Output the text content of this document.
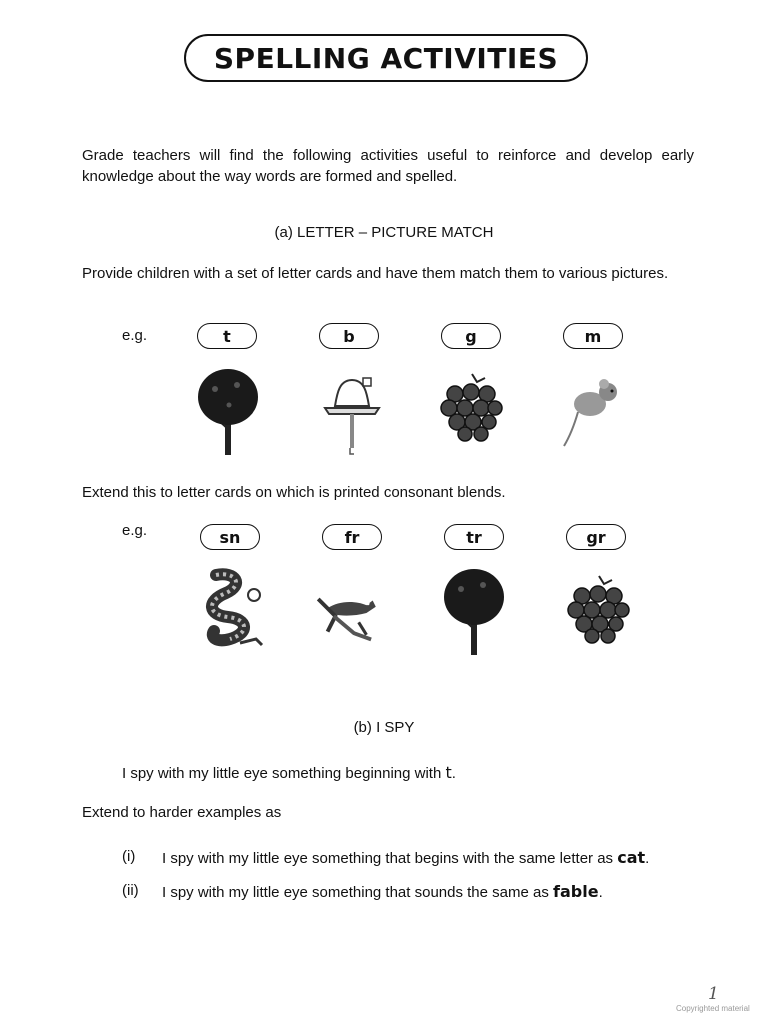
SPELLING ACTIVITIES
Grade teachers will find the following activities useful to reinforce and develop early knowledge about the way words are formed and spelled.
(a) LETTER – PICTURE MATCH
Provide children with a set of letter cards and have them match them to various pictures.
e.g.	t	b	g	m
Extend this to letter cards on which is printed consonant blends.
e.g.	sn	fr	tr	gr
(b) I SPY
I spy with my little eye something beginning with t.
Extend to harder examples as
(i) I spy with my little eye something that begins with the same letter as cat.
(ii) I spy with my little eye something that sounds the same as fable.
1
Copyrighted material
